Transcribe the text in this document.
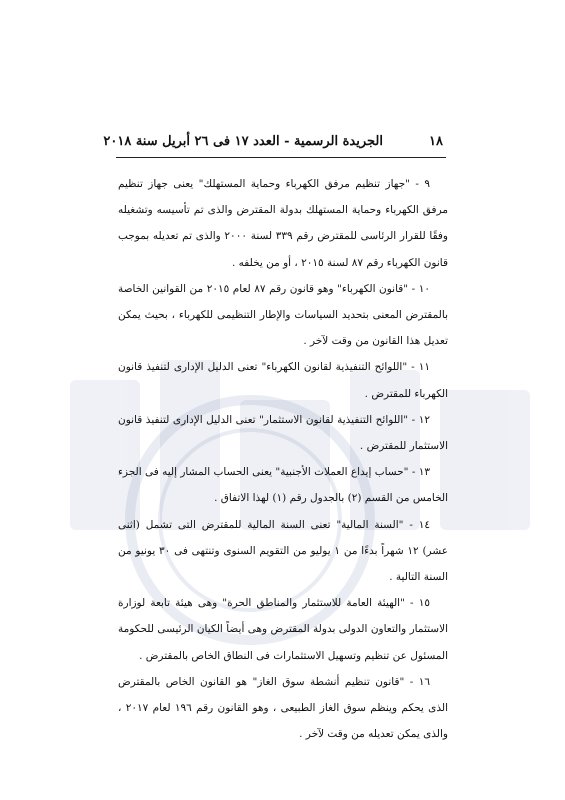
١٨
الجريدة الرسمية - العدد ١٧ فى ٢٦ أبريل سنة ٢٠١٨

٩ - "جهاز تنظيم مرفق الكهرباء وحماية المستهلك" يعنى جهاز تنظيم مرفق الكهرباء وحماية المستهلك بدولة المقترض والذى تم تأسيسه وتشغيله وفقًا للقرار الرئاسى للمقترض رقم ٣٣٩ لسنة ٢٠٠٠ والذى تم تعديله بموجب قانون الكهرباء رقم ٨٧ لسنة ٢٠١٥ ، أو من يخلفه .

١٠ - "قانون الكهرباء" وهو قانون رقم ٨٧ لعام ٢٠١٥ من القوانين الخاصة بالمقترض المعنى بتحديد السياسات والإطار التنظيمى للكهرباء ، بحيث يمكن تعديل هذا القانون من وقت لآخر .

١١ - "اللوائح التنفيذية لقانون الكهرباء" تعنى الدليل الإدارى لتنفيذ قانون الكهرباء للمقترض .

١٢ - "اللوائح التنفيذية لقانون الاستثمار" تعنى الدليل الإدارى لتنفيذ قانون الاستثمار للمقترض .

١٣ - "حساب إيداع العملات الأجنبية" يعنى الحساب المشار إليه فى الجزء الخامس من القسم (٢) بالجدول رقم (١) لهذا الاتفاق .

١٤ - "السنة المالية" تعنى السنة المالية للمقترض التى تشمل (اثنى عشر) ١٢ شهراً بدءًا من ١ يوليو من التقويم السنوى وتنتهى فى ٣٠ يونيو من السنة التالية .

١٥ - "الهيئة العامة للاستثمار والمناطق الحرة" وهى هيئة تابعة لوزارة الاستثمار والتعاون الدولى بدولة المقترض وهى أيضاً الكيان الرئيسى للحكومة المسئول عن تنظيم وتسهيل الاستثمارات فى النطاق الخاص بالمقترض .

١٦ - "قانون تنظيم أنشطة سوق الغاز" هو القانون الخاص بالمقترض الذى يحكم وينظم سوق الغاز الطبيعى ، وهو القانون رقم ١٩٦ لعام ٢٠١٧ ، والذى يمكن تعديله من وقت لآخر .
